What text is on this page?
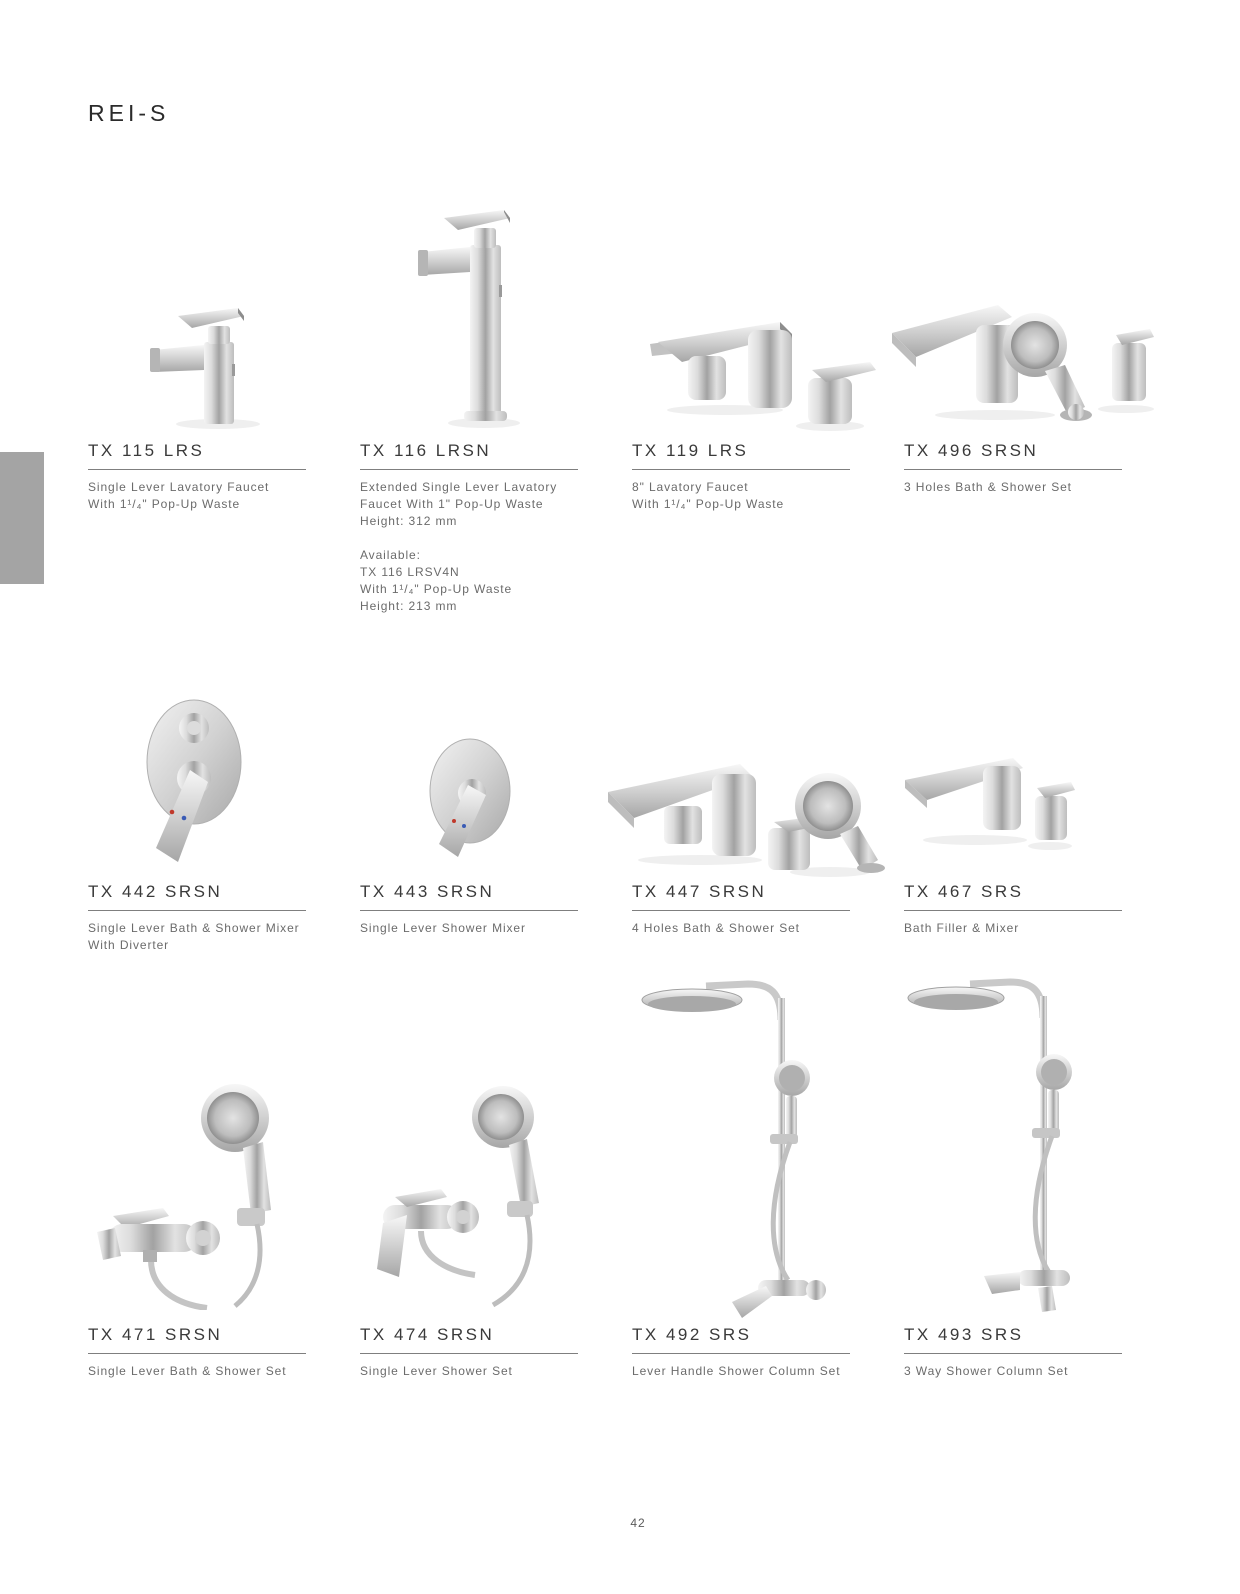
REI-S
TX 115 LRS
Single Lever Lavatory Faucet
With 1¹/₄" Pop-Up Waste
TX 116 LRSN
Extended Single Lever Lavatory
Faucet With 1" Pop-Up Waste
Height: 312 mm
Available:
TX 116 LRSV4N
With 1¹/₄" Pop-Up Waste
Height: 213 mm
TX 119 LRS
8" Lavatory Faucet
With 1¹/₄" Pop-Up Waste
TX 496 SRSN
3 Holes Bath & Shower Set
TX 442 SRSN
Single Lever Bath & Shower Mixer
With Diverter
TX 443 SRSN
Single Lever Shower Mixer
TX 447 SRSN
4 Holes Bath & Shower Set
TX 467 SRS
Bath Filler & Mixer
TX 471 SRSN
Single Lever Bath & Shower Set
TX 474 SRSN
Single Lever Shower Set
TX 492 SRS
Lever Handle Shower Column Set
TX 493 SRS
3 Way Shower Column Set
42
